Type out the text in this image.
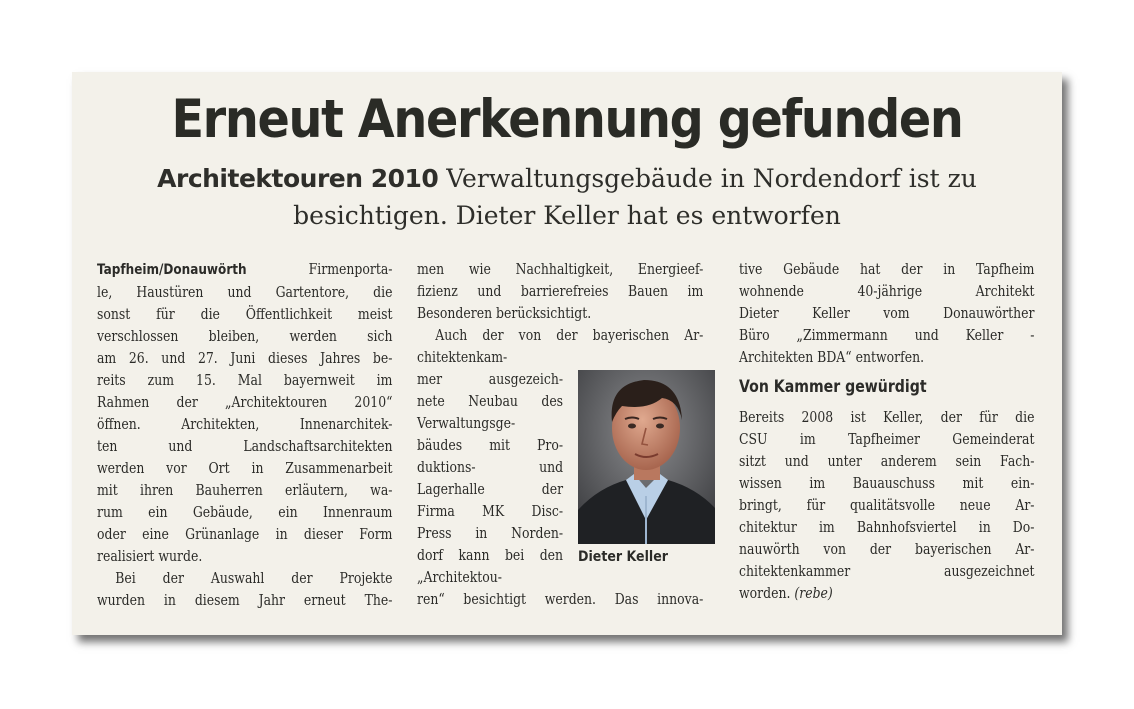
Erneut Anerkennung gefunden

Architektouren 2010 Verwaltungsgebäude in Nordendorf ist zu besichtigen. Dieter Keller hat es entworfen

Tapfheim/Donauwörth Firmenporta-
le, Haustüren und Gartentore, die
sonst für die Öffentlichkeit meist
verschlossen bleiben, werden sich
am 26. und 27. Juni dieses Jahres be-
reits zum 15. Mal bayernweit im
Rahmen der „Architektouren 2010“
öffnen. Architekten, Innenarchitek-
ten und Landschaftsarchitekten
werden vor Ort in Zusammenarbeit
mit ihren Bauherren erläutern, wa-
rum ein Gebäude, ein Innenraum
oder eine Grünanlage in dieser Form
realisiert wurde.
Bei der Auswahl der Projekte
wurden in diesem Jahr erneut The-
men wie Nachhaltigkeit, Energieef-
fizienz und barrierefreies Bauen im
Besonderen berücksichtigt.
Auch der von der bayerischen Ar-
chitektenkam-
mer ausgezeich-
nete Neubau des
Verwaltungsge-
bäudes mit Pro-
duktions- und
Lagerhalle der
Firma MK Disc-
Press in Norden-
dorf kann bei den
„Architektou-
ren“ besichtigt werden. Das innova-
tive Gebäude hat der in Tapfheim
wohnende 40-jährige Architekt
Dieter Keller vom Donauwörther
Büro „Zimmermann und Keller -
Architekten BDA“ entworfen.
Von Kammer gewürdigt
Bereits 2008 ist Keller, der für die
CSU im Tapfheimer Gemeinderat
sitzt und unter anderem sein Fach-
wissen im Bauauschuss mit ein-
bringt, für qualitätsvolle neue Ar-
chitektur im Bahnhofsviertel in Do-
nauwörth von der bayerischen Ar-
chitektenkammer ausgezeichnet
worden. (rebe)

Dieter Keller
